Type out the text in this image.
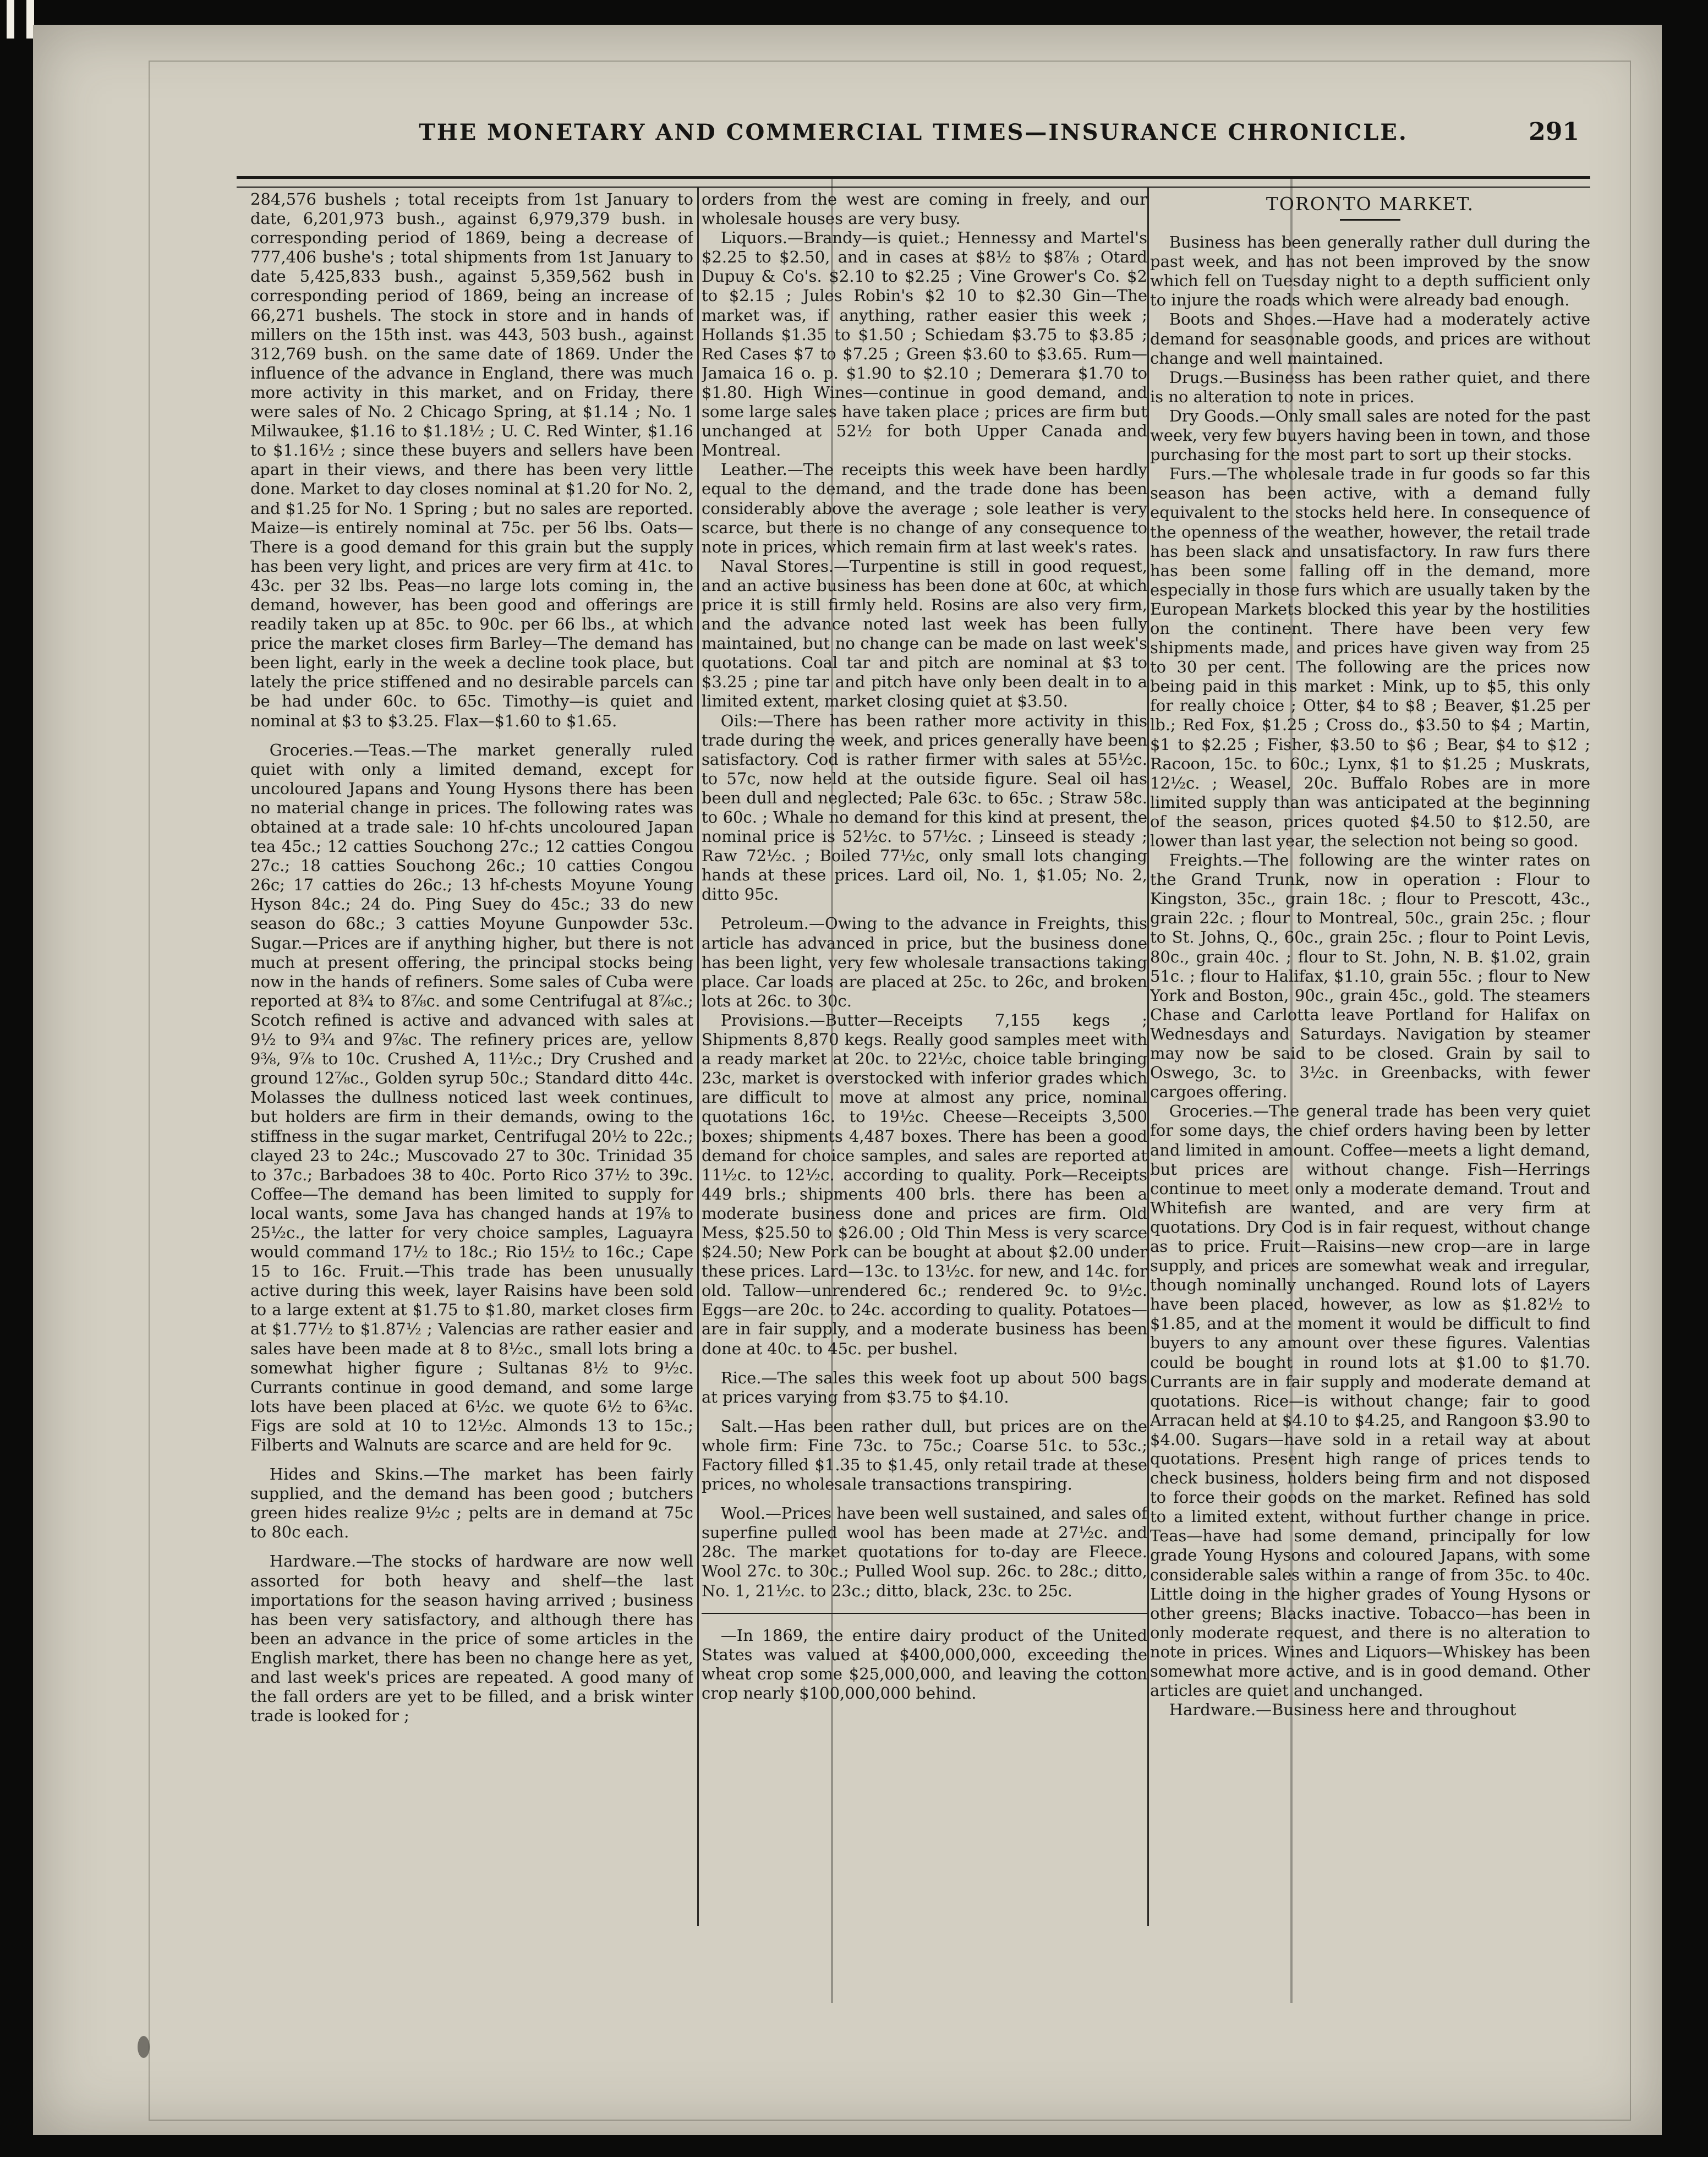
THE MONETARY AND COMMERCIAL TIMES—INSURANCE CHRONICLE.	291

284,576 bushels ; total receipts from 1st January to date, 6,201,973 bush., against 6,979,379 bush. in corresponding period of 1869, being a decrease of 777,406 bushe's ; total shipments from 1st January to date 5,425,833 bush., against 5,359,562 bush in corresponding period of 1869, being an increase of 66,271 bushels. The stock in store and in hands of millers on the 15th inst. was 443, 503 bush., against 312,769 bush. on the same date of 1869. Under the influence of the advance in England, there was much more activity in this market, and on Friday, there were sales of No. 2 Chicago Spring, at $1.14 ; No. 1 Milwaukee, $1.16 to $1.18½ ; U. C. Red Winter, $1.16 to $1.16½ ; since these buyers and sellers have been apart in their views, and there has been very little done. Market to day closes nominal at $1.20 for No. 2, and $1.25 for No. 1 Spring ; but no sales are reported. Maize—is entirely nominal at 75c. per 56 lbs. Oats—There is a good demand for this grain but the supply has been very light, and prices are very firm at 41c. to 43c. per 32 lbs. Peas—no large lots coming in, the demand, however, has been good and offerings are readily taken up at 85c. to 90c. per 66 lbs., at which price the market closes firm Barley—The demand has been light, early in the week a decline took place, but lately the price stiffened and no desirable parcels can be had under 60c. to 65c. Timothy—is quiet and nominal at $3 to $3.25. Flax—$1.60 to $1.65.

Groceries.—Teas.—The market generally ruled quiet with only a limited demand, except for uncoloured Japans and Young Hysons there has been no material change in prices. The following rates was obtained at a trade sale: 10 hf-chts uncoloured Japan tea 45c.; 12 catties Souchong 27c.; 12 catties Congou 27c.; 18 catties Souchong 26c.; 10 catties Congou 26c; 17 catties do 26c.; 13 hf-chests Moyune Young Hyson 84c.; 24 do. Ping Suey do 45c.; 33 do new season do 68c.; 3 catties Moyune Gunpowder 53c. Sugar.—Prices are if anything higher, but there is not much at present offering, the principal stocks being now in the hands of refiners. Some sales of Cuba were reported at 8¾ to 8⅞c. and some Centrifugal at 8⅞c.; Scotch refined is active and advanced with sales at 9½ to 9¾ and 9⅞c. The refinery prices are, yellow 9⅜, 9⅞ to 10c. Crushed A, 11½c.; Dry Crushed and ground 12⅞c., Golden syrup 50c.; Standard ditto 44c. Molasses the dullness noticed last week continues, but holders are firm in their demands, owing to the stiffness in the sugar market, Centrifugal 20½ to 22c.; clayed 23 to 24c.; Muscovado 27 to 30c. Trinidad 35 to 37c.; Barbadoes 38 to 40c. Porto Rico 37½ to 39c. Coffee—The demand has been limited to supply for local wants, some Java has changed hands at 19⅞ to 25½c., the latter for very choice samples, Laguayra would command 17½ to 18c.; Rio 15½ to 16c.; Cape 15 to 16c. Fruit.—This trade has been unusually active during this week, layer Raisins have been sold to a large extent at $1.75 to $1.80, market closes firm at $1.77½ to $1.87½ ; Valencias are rather easier and sales have been made at 8 to 8½c., small lots bring a somewhat higher figure ; Sultanas 8½ to 9½c. Currants continue in good demand, and some large lots have been placed at 6½c. we quote 6½ to 6¾c. Figs are sold at 10 to 12½c. Almonds 13 to 15c.; Filberts and Walnuts are scarce and are held for 9c.

Hides and Skins.—The market has been fairly supplied, and the demand has been good ; butchers green hides realize 9½c ; pelts are in demand at 75c to 80c each.

Hardware.—The stocks of hardware are now well assorted for both heavy and shelf—the last importations for the season having arrived ; business has been very satisfactory, and although there has been an advance in the price of some articles in the English market, there has been no change here as yet, and last week's prices are repeated. A good many of the fall orders are yet to be filled, and a brisk winter trade is looked for ;

orders from the west are coming in freely, and our wholesale houses are very busy.

Liquors.—Brandy—is quiet.; Hennessy and Martel's $2.25 to $2.50, and in cases at $8½ to $8⅞ ; Otard Dupuy & Co's. $2.10 to $2.25 ; Vine Grower's Co. $2 to $2.15 ; Jules Robin's $2 10 to $2.30 Gin—The market was, if anything, rather easier this week ; Hollands $1.35 to $1.50 ; Schiedam $3.75 to $3.85 ; Red Cases $7 to $7.25 ; Green $3.60 to $3.65. Rum—Jamaica 16 o. p. $1.90 to $2.10 ; Demerara $1.70 to $1.80. High Wines—continue in good demand, and some large sales have taken place ; prices are firm but unchanged at 52½ for both Upper Canada and Montreal.

Leather.—The receipts this week have been hardly equal to the demand, and the trade done has been considerably above the average ; sole leather is very scarce, but there is no change of any consequence to note in prices, which remain firm at last week's rates.

Naval Stores.—Turpentine is still in good request, and an active business has been done at 60c, at which price it is still firmly held. Rosins are also very firm, and the advance noted last week has been fully maintained, but no change can be made on last week's quotations. Coal tar and pitch are nominal at $3 to $3.25 ; pine tar and pitch have only been dealt in to a limited extent, market closing quiet at $3.50.

Oils:—There has been rather more activity in this trade during the week, and prices generally have been satisfactory. Cod is rather firmer with sales at 55½c. to 57c, now held at the outside figure. Seal oil has been dull and neglected; Pale 63c. to 65c. ; Straw 58c. to 60c. ; Whale no demand for this kind at present, the nominal price is 52½c. to 57½c. ; Linseed is steady ; Raw 72½c. ; Boiled 77½c, only small lots changing hands at these prices. Lard oil, No. 1, $1.05; No. 2, ditto 95c.

Petroleum.—Owing to the advance in Freights, this article has advanced in price, but the business done has been light, very few wholesale transactions taking place. Car loads are placed at 25c. to 26c, and broken lots at 26c. to 30c.

Provisions.—Butter—Receipts 7,155 kegs ; Shipments 8,870 kegs. Really good samples meet with a ready market at 20c. to 22½c, choice table bringing 23c, market is overstocked with inferior grades which are difficult to move at almost any price, nominal quotations 16c. to 19½c. Cheese—Receipts 3,500 boxes; shipments 4,487 boxes. There has been a good demand for choice samples, and sales are reported at 11½c. to 12½c. according to quality. Pork—Receipts 449 brls.; shipments 400 brls. there has been a moderate business done and prices are firm. Old Mess, $25.50 to $26.00 ; Old Thin Mess is very scarce $24.50; New Pork can be bought at about $2.00 under these prices. Lard—13c. to 13½c. for new, and 14c. for old. Tallow—unrendered 6c.; rendered 9c. to 9½c. Eggs—are 20c. to 24c. according to quality. Potatoes—are in fair supply, and a moderate business has been done at 40c. to 45c. per bushel.

Rice.—The sales this week foot up about 500 bags at prices varying from $3.75 to $4.10.

Salt.—Has been rather dull, but prices are on the whole firm: Fine 73c. to 75c.; Coarse 51c. to 53c.; Factory filled $1.35 to $1.45, only retail trade at these prices, no wholesale transactions transpiring.

Wool.—Prices have been well sustained, and sales of superfine pulled wool has been made at 27½c. and 28c. The market quotations for to-day are Fleece. Wool 27c. to 30c.; Pulled Wool sup. 26c. to 28c.; ditto, No. 1, 21½c. to 23c.; ditto, black, 23c. to 25c.

—In 1869, the entire dairy product of the United States was valued at $400,000,000, exceeding the wheat crop some $25,000,000, and leaving the cotton crop nearly $100,000,000 behind.

TORONTO MARKET.

Business has been generally rather dull during the past week, and has not been improved by the snow which fell on Tuesday night to a depth sufficient only to injure the roads which were already bad enough.

Boots and Shoes.—Have had a moderately active demand for seasonable goods, and prices are without change and well maintained.

Drugs.—Business has been rather quiet, and there is no alteration to note in prices.

Dry Goods.—Only small sales are noted for the past week, very few buyers having been in town, and those purchasing for the most part to sort up their stocks.

Furs.—The wholesale trade in fur goods so far this season has been active, with a demand fully equivalent to the stocks held here. In consequence of the openness of the weather, however, the retail trade has been slack and unsatisfactory. In raw furs there has been some falling off in the demand, more especially in those furs which are usually taken by the European Markets blocked this year by the hostilities on the continent. There have been very few shipments made, and prices have given way from 25 to 30 per cent. The following are the prices now being paid in this market : Mink, up to $5, this only for really choice ; Otter, $4 to $8 ; Beaver, $1.25 per lb.; Red Fox, $1.25 ; Cross do., $3.50 to $4 ; Martin, $1 to $2.25 ; Fisher, $3.50 to $6 ; Bear, $4 to $12 ; Racoon, 15c. to 60c.; Lynx, $1 to $1.25 ; Muskrats, 12½c. ; Weasel, 20c. Buffalo Robes are in more limited supply than was anticipated at the beginning of the season, prices quoted $4.50 to $12.50, are lower than last year, the selection not being so good.

Freights.—The following are the winter rates on the Grand Trunk, now in operation : Flour to Kingston, 35c., grain 18c. ; flour to Prescott, 43c., grain 22c. ; flour to Montreal, 50c., grain 25c. ; flour to St. Johns, Q., 60c., grain 25c. ; flour to Point Levis, 80c., grain 40c. ; flour to St. John, N. B. $1.02, grain 51c. ; flour to Halifax, $1.10, grain 55c. ; flour to New York and Boston, 90c., grain 45c., gold. The steamers Chase and Carlotta leave Portland for Halifax on Wednesdays and Saturdays. Navigation by steamer may now be said to be closed. Grain by sail to Oswego, 3c. to 3½c. in Greenbacks, with fewer cargoes offering.

Groceries.—The general trade has been very quiet for some days, the chief orders having been by letter and limited in amount. Coffee—meets a light demand, but prices are without change. Fish—Herrings continue to meet only a moderate demand. Trout and Whitefish are wanted, and are very firm at quotations. Dry Cod is in fair request, without change as to price. Fruit—Raisins—new crop—are in large supply, and prices are somewhat weak and irregular, though nominally unchanged. Round lots of Layers have been placed, however, as low as $1.82½ to $1.85, and at the moment it would be difficult to find buyers to any amount over these figures. Valentias could be bought in round lots at $1.00 to $1.70. Currants are in fair supply and moderate demand at quotations. Rice—is without change; fair to good Arracan held at $4.10 to $4.25, and Rangoon $3.90 to $4.00. Sugars—have sold in a retail way at about quotations. Present high range of prices tends to check business, holders being firm and not disposed to force their goods on the market. Refined has sold to a limited extent, without further change in price. Teas—have had some demand, principally for low grade Young Hysons and coloured Japans, with some considerable sales within a range of from 35c. to 40c. Little doing in the higher grades of Young Hysons or other greens; Blacks inactive. Tobacco—has been in only moderate request, and there is no alteration to note in prices. Wines and Liquors—Whiskey has been somewhat more active, and is in good demand. Other articles are quiet and unchanged.

Hardware.—Business here and throughout
